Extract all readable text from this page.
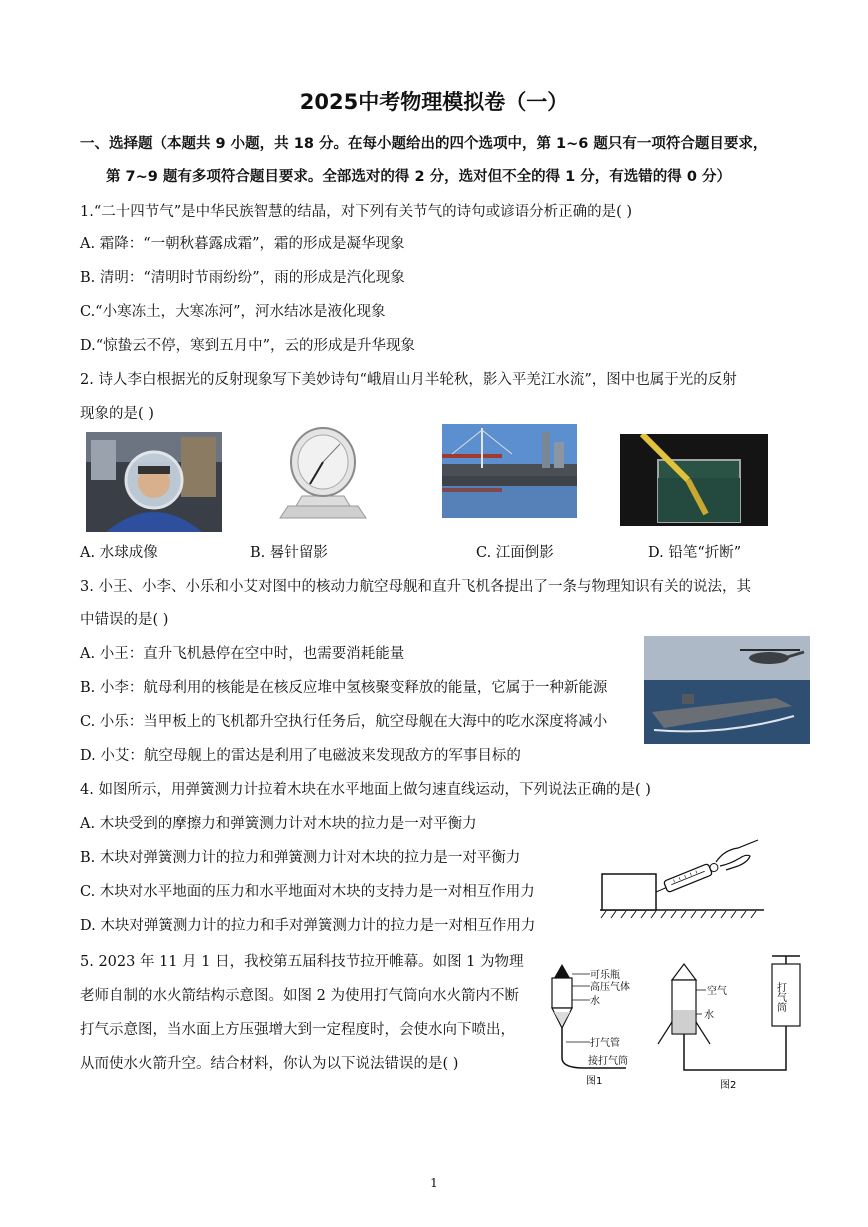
2025中考物理模拟卷（一）
一、选择题（本题共 9 小题，共 18 分。在每小题给出的四个选项中，第 1~6 题只有一项符合题目要求，
第 7~9 题有多项符合题目要求。全部选对的得 2 分，选对但不全的得 1 分，有选错的得 0 分）
1.“二十四节气”是中华民族智慧的结晶，对下列有关节气的诗句或谚语分析正确的是( )
A. 霜降：“一朝秋暮露成霜”，霜的形成是凝华现象
B. 清明：“清明时节雨纷纷”，雨的形成是汽化现象
C.“小寒冻土，大寒冻河”，河水结冰是液化现象
D.“惊蛰云不停，寒到五月中”，云的形成是升华现象
2. 诗人李白根据光的反射现象写下美妙诗句“峨眉山月半轮秋，影入平羌江水流”，图中也属于光的反射
现象的是( )
A. 水球成像	B. 晷针留影	C. 江面倒影	D. 铅笔“折断”
3. 小王、小李、小乐和小艾对图中的核动力航空母舰和直升飞机各提出了一条与物理知识有关的说法，其
中错误的是( )
A. 小王：直升飞机悬停在空中时，也需要消耗能量
B. 小李：航母利用的核能是在核反应堆中氢核聚变释放的能量，它属于一种新能源
C. 小乐：当甲板上的飞机都升空执行任务后，航空母舰在大海中的吃水深度将减小
D. 小艾：航空母舰上的雷达是利用了电磁波来发现敌方的军事目标的
4. 如图所示，用弹簧测力计拉着木块在水平地面上做匀速直线运动，下列说法正确的是( )
A. 木块受到的摩擦力和弹簧测力计对木块的拉力是一对平衡力
B. 木块对弹簧测力计的拉力和弹簧测力计对木块的拉力是一对平衡力
C. 木块对水平地面的压力和水平地面对木块的支持力是一对相互作用力
D. 木块对弹簧测力计的拉力和手对弹簧测力计的拉力是一对相互作用力
5. 2023 年 11 月 1 日，我校第五届科技节拉开帷幕。如图 1 为物理
老师自制的水火箭结构示意图。如图 2 为使用打气筒向水火箭内不断
打气示意图，当水面上方压强增大到一定程度时，会使水向下喷出，
从而使水火箭升空。结合材料，你认为以下说法错误的是( )
可乐瓶
高压气体
水
打气管
接打气筒
图1
空气
水
打气筒
图2
1
